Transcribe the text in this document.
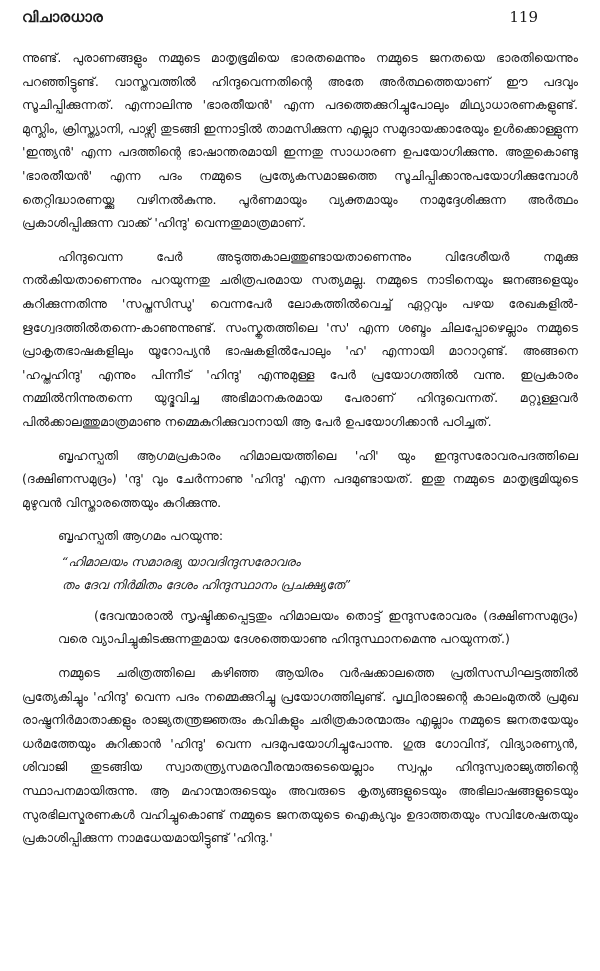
വിചാരധാര	119

ന്നുണ്ട്. പുരാണങ്ങളും നമ്മുടെ മാതൃഭൂമിയെ ഭാരതമെന്നും നമ്മുടെ ജനതയെ ഭാരതിയെന്നും പറഞ്ഞിട്ടുണ്ട്. വാസ്തവത്തിൽ ഹിന്ദുവെന്നതിന്റെ അതേ അർത്ഥത്തെയാണ് ഈ പദവും സൂചിപ്പിക്കുന്നത്. എന്നാലിന്നു 'ഭാരതീയൻ' എന്ന പദത്തെക്കുറിച്ചുപോലും മിഥ്യാധാരണകളുണ്ട്. മുസ്ലിം, ക്രിസ്ത്യാനി, പാഴ്സി തുടങ്ങി ഇന്നാട്ടിൽ താമസിക്കുന്ന എല്ലാ സമുദായക്കാരേയും ഉൾക്കൊള്ളുന്ന 'ഇന്ത്യൻ' എന്ന പദത്തിന്റെ ഭാഷാന്തരമായി ഇന്നതു സാധാരണ ഉപയോഗിക്കുന്നു. അതുകൊണ്ടു 'ഭാരതീയൻ' എന്ന പദം നമ്മുടെ പ്രത്യേകസമാജത്തെ സൂചിപ്പിക്കാനുപയോഗിക്കുമ്പോൾ തെറ്റിദ്ധാരണയ്ക്കു വഴിനൽകുന്നു. പൂർണമായും വ്യക്തമായും നാമുദ്ദേശിക്കുന്ന അർത്ഥം പ്രകാശിപ്പിക്കുന്ന വാക്ക് 'ഹിന്ദു' വെന്നതുമാത്രമാണ്.

ഹിന്ദുവെന്ന പേർ അടുത്തകാലത്തുണ്ടായതാണെന്നും വിദേശീയർ നമുക്കു നൽകിയതാണെന്നും പറയുന്നതു ചരിത്രപരമായ സത്യമല്ല. നമ്മുടെ നാടിനെയും ജനങ്ങളെയും കുറിക്കുന്നതിന്നു 'സപ്തസിന്ധു' വെന്നപേർ ലോകത്തിൽവെച്ച് ഏറ്റവും പഴയ രേഖകളിൽ-ഋഗ്വേദത്തിൽതന്നെ-കാണുന്നുണ്ട്. സംസ്കൃതത്തിലെ 'സ' എന്ന ശബ്ദം ചിലപ്പോഴെല്ലാം നമ്മുടെ പ്രാകൃതഭാഷകളിലും യൂറോപ്യൻ ഭാഷകളിൽപോലും 'ഹ' എന്നായി മാറാറുണ്ട്. അങ്ങനെ 'ഹപ്തഹിന്ദു' എന്നും പിന്നീട് 'ഹിന്ദു' എന്നുമുള്ള പേർ പ്രയോഗത്തിൽ വന്നു. ഇപ്രകാരം നമ്മിൽനിന്നുതന്നെ യുദ്ഭവിച്ച അഭിമാനകരമായ പേരാണ് ഹിന്ദുവെന്നത്. മറ്റുള്ളവർ പിൽക്കാലത്തുമാത്രമാണു നമ്മെകുറിക്കുവാനായി ആ പേർ ഉപയോഗിക്കാൻ പഠിച്ചത്.

ബൃഹസ്പതി ആഗമപ്രകാരം ഹിമാലയത്തിലെ 'ഹി' യും ഇന്ദുസരോവരപദത്തിലെ (ദക്ഷിണസമുദ്രം) 'ന്ദു' വും ചേർന്നാണു 'ഹിന്ദു' എന്ന പദമുണ്ടായത്. ഇതു നമ്മുടെ മാതൃഭൂമിയുടെ മുഴുവൻ വിസ്താരത്തെയും കുറിക്കുന്നു.

ബൃഹസ്പതി ആഗമം പറയുന്നു:
“ഹിമാലയം സമാരഭ്യ യാവദിന്ദുസരോവരം
തം ദേവ നിർമിതം ദേശം ഹിന്ദുസ്ഥാനം പ്രചക്ഷ്യതേ”

(ദേവന്മാരാൽ സൃഷ്ടിക്കപ്പെട്ടതും ഹിമാലയം തൊട്ട് ഇന്ദുസരോവരം (ദക്ഷിണസമുദ്രം) വരെ വ്യാപിച്ചുകിടക്കുന്നതുമായ ദേശത്തെയാണു ഹിന്ദുസ്ഥാനമെന്നു പറയുന്നത്.)

നമ്മുടെ ചരിത്രത്തിലെ കഴിഞ്ഞ ആയിരം വർഷക്കാലത്തെ പ്രതിസന്ധിഘട്ടത്തിൽ പ്രത്യേകിച്ചും 'ഹിന്ദു' വെന്ന പദം നമ്മെക്കുറിച്ചു പ്രയോഗത്തിലുണ്ട്. പൃഥ്വിരാജന്റെ കാലംമുതൽ പ്രമുഖ രാഷ്ട്രനിർമാതാക്കളും രാജ്യതന്ത്രജ്ഞരും കവികളും ചരിത്രകാരന്മാരും എല്ലാം നമ്മുടെ ജനതയേയും ധർമത്തേയും കുറിക്കാൻ 'ഹിന്ദു' വെന്ന പദമുപയോഗിച്ചുപോന്നു. ഗുരു ഗോവിന്ദ്, വിദ്യാരണ്യൻ, ശിവാജി തുടങ്ങിയ സ്വാതന്ത്ര്യസമരവീരന്മാരുടെയെല്ലാം സ്വപ്നം ഹിന്ദുസ്വരാജ്യത്തിന്റെ സ്ഥാപനമായിരുന്നു. ആ മഹാന്മാരുടെയും അവരുടെ കൃത്യങ്ങളുടെയും അഭിലാഷങ്ങളുടെയും സുരഭിലസ്മരണകൾ വഹിച്ചുകൊണ്ട് നമ്മുടെ ജനതയുടെ ഐക്യവും ഉദാത്തതയും സവിശേഷതയും പ്രകാശിപ്പിക്കുന്ന നാമധേയമായിട്ടുണ്ട് 'ഹിന്ദു.'
